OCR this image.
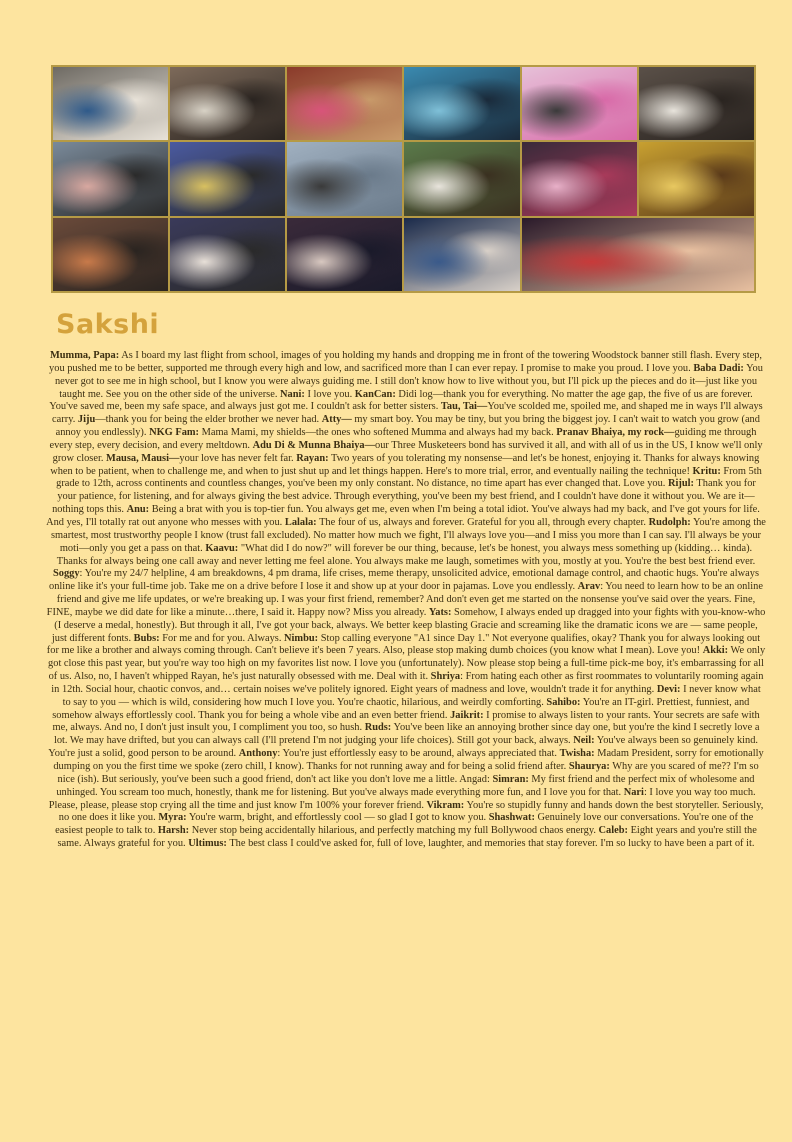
Sakshi

Mumma, Papa: As I board my last flight from school, images of you holding my hands and dropping me in front of the towering Woodstock banner still flash. Every step, you pushed me to be better, supported me through every high and low, and sacrificed more than I can ever repay. I promise to make you proud. I love you. Baba Dadi: You never got to see me in high school, but I know you were always guiding me. I still don't know how to live without you, but I'll pick up the pieces and do it—just like you taught me. See you on the other side of the universe. Nani: I love you. KanCan: Didi log—thank you for everything. No matter the age gap, the five of us are forever. You've saved me, been my safe space, and always just got me. I couldn't ask for better sisters. Tau, Tai—You've scolded me, spoiled me, and shaped me in ways I'll always carry. Jiju—thank you for being the elder brother we never had. Atty— my smart boy. You may be tiny, but you bring the biggest joy. I can't wait to watch you grow (and annoy you endlessly). NKG Fam: Mama Mami, my shields—the ones who softened Mumma and always had my back. Pranav Bhaiya, my rock—guiding me through every step, every decision, and every meltdown. Adu Di & Munna Bhaiya—our Three Musketeers bond has survived it all, and with all of us in the US, I know we'll only grow closer. Mausa, Mausi—your love has never felt far. Rayan: Two years of you tolerating my nonsense—and let's be honest, enjoying it. Thanks for always knowing when to be patient, when to challenge me, and when to just shut up and let things happen. Here's to more trial, error, and eventually nailing the technique! Kritu: From 5th grade to 12th, across continents and countless changes, you've been my only constant. No distance, no time apart has ever changed that. Love you. Rijul: Thank you for your patience, for listening, and for always giving the best advice. Through everything, you've been my best friend, and I couldn't have done it without you. We are it—nothing tops this. Anu: Being a brat with you is top-tier fun. You always get me, even when I'm being a total idiot. You've always had my back, and I've got yours for life. And yes, I'll totally rat out anyone who messes with you. Lalala: The four of us, always and forever. Grateful for you all, through every chapter. Rudolph: You're among the smartest, most trustworthy people I know (trust fall excluded). No matter how much we fight, I'll always love you—and I miss you more than I can say. I'll always be your moti—only you get a pass on that. Kaavu: "What did I do now?" will forever be our thing, because, let's be honest, you always mess something up (kidding… kinda). Thanks for always being one call away and never letting me feel alone. You always make me laugh, sometimes with you, mostly at you. You're the best best friend ever. Soggy: You're my 24/7 helpline, 4 am breakdowns, 4 pm drama, life crises, meme therapy, unsolicited advice, emotional damage control, and chaotic hugs. You're always online like it's your full-time job. Take me on a drive before I lose it and show up at your door in pajamas. Love you endlessly. Arav: You need to learn how to be an online friend and give me life updates, or we're breaking up. I was your first friend, remember? And don't even get me started on the nonsense you've said over the years. Fine, FINE, maybe we did date for like a minute…there, I said it. Happy now? Miss you already. Yats: Somehow, I always ended up dragged into your fights with you-know-who (I deserve a medal, honestly). But through it all, I've got your back, always. We better keep blasting Gracie and screaming like the dramatic icons we are — same people, just different fonts. Bubs: For me and for you. Always. Nimbu: Stop calling everyone "A1 since Day 1." Not everyone qualifies, okay? Thank you for always looking out for me like a brother and always coming through. Can't believe it's been 7 years. Also, please stop making dumb choices (you know what I mean). Love you! Akki: We only got close this past year, but you're way too high on my favorites list now. I love you (unfortunately). Now please stop being a full-time pick-me boy, it's embarrassing for all of us. Also, no, I haven't whipped Rayan, he's just naturally obsessed with me. Deal with it. Shriya: From hating each other as first roommates to voluntarily rooming again in 12th. Social hour, chaotic convos, and… certain noises we've politely ignored. Eight years of madness and love, wouldn't trade it for anything. Devi: I never know what to say to you — which is wild, considering how much I love you. You're chaotic, hilarious, and weirdly comforting. Sahibo: You're an IT-girl. Prettiest, funniest, and somehow always effortlessly cool. Thank you for being a whole vibe and an even better friend. Jaikrit: I promise to always listen to your rants. Your secrets are safe with me, always. And no, I don't just insult you, I compliment you too, so hush. Ruds: You've been like an annoying brother since day one, but you're the kind I secretly love a lot. We may have drifted, but you can always call (I'll pretend I'm not judging your life choices). Still got your back, always. Neil: You've always been so genuinely kind. You're just a solid, good person to be around. Anthony: You're just effortlessly easy to be around, always appreciated that. Twisha: Madam President, sorry for emotionally dumping on you the first time we spoke (zero chill, I know). Thanks for not running away and for being a solid friend after. Shaurya: Why are you scared of me?? I'm so nice (ish). But seriously, you've been such a good friend, don't act like you don't love me a little. Angad: Simran: My first friend and the perfect mix of wholesome and unhinged. You scream too much, honestly, thank me for listening. But you've always made everything more fun, and I love you for that. Nari: I love you way too much. Please, please, please stop crying all the time and just know I'm 100% your forever friend. Vikram: You're so stupidly funny and hands down the best storyteller. Seriously, no one does it like you. Myra: You're warm, bright, and effortlessly cool — so glad I got to know you. Shashwat: Genuinely love our conversations. You're one of the easiest people to talk to. Harsh: Never stop being accidentally hilarious, and perfectly matching my full Bollywood chaos energy. Caleb: Eight years and you're still the same. Always grateful for you. Ultimus: The best class I could've asked for, full of love, laughter, and memories that stay forever. I'm so lucky to have been a part of it.
